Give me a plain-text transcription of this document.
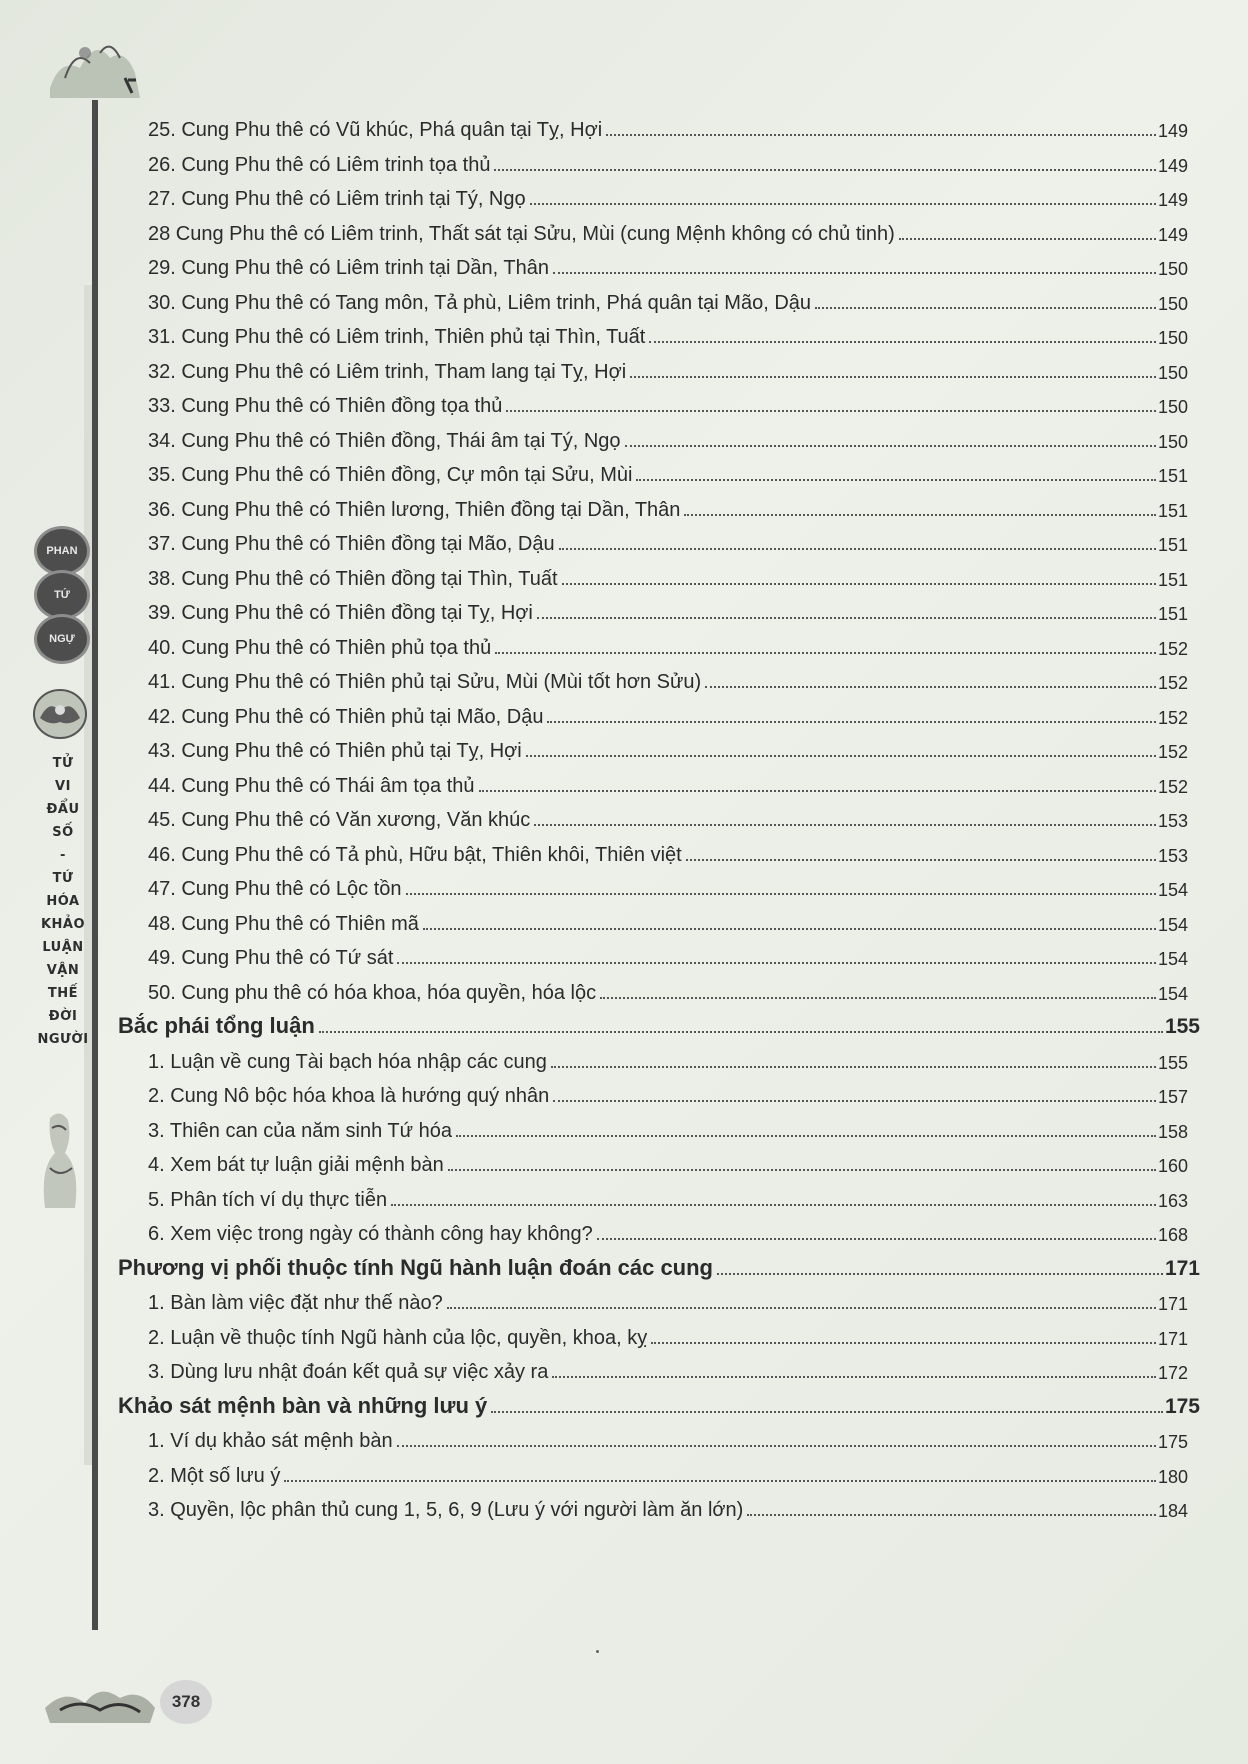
PHAN
TỨ
NGỰ
TỬ
VI
ĐẨU
SỐ
-
TỨ
HÓA
KHẢO
LUẬN
VẬN
THẾ
ĐỜI
NGƯỜI
378
25. Cung Phu thê có Vũ khúc, Phá quân tại Tỵ, Hợi	149
26. Cung Phu thê có Liêm trinh tọa thủ	149
27. Cung Phu thê có Liêm trinh tại Tý, Ngọ	149
28 Cung Phu thê có Liêm trinh, Thất sát tại Sửu, Mùi (cung Mệnh không có chủ tinh)	149
29. Cung Phu thê có Liêm trinh tại Dần, Thân	150
30. Cung Phu thê có Tang môn, Tả phù, Liêm trinh, Phá quân tại Mão, Dậu	150
31. Cung Phu thê có Liêm trinh, Thiên phủ tại Thìn, Tuất	150
32. Cung Phu thê có Liêm trinh, Tham lang tại Tỵ, Hợi	150
33. Cung Phu thê có Thiên đồng tọa thủ	150
34. Cung Phu thê có Thiên đồng, Thái âm tại Tý, Ngọ	150
35. Cung Phu thê có Thiên đồng, Cự môn tại Sửu, Mùi	151
36. Cung Phu thê có Thiên lương, Thiên đồng tại Dần, Thân	151
37. Cung Phu thê có Thiên đồng tại Mão, Dậu	151
38. Cung Phu thê có Thiên đồng tại Thìn, Tuất	151
39. Cung Phu thê có Thiên đồng tại Tỵ, Hợi	151
40. Cung Phu thê có Thiên phủ tọa thủ	152
41. Cung Phu thê có Thiên phủ tại Sửu, Mùi (Mùi tốt hơn Sửu)	152
42. Cung Phu thê có Thiên phủ tại Mão, Dậu	152
43. Cung Phu thê có Thiên phủ tại Tỵ, Hợi	152
44. Cung Phu thê có Thái âm tọa thủ	152
45. Cung Phu thê có Văn xương, Văn khúc	153
46. Cung Phu thê có Tả phù, Hữu bật, Thiên khôi, Thiên việt	153
47. Cung Phu thê có Lộc tồn	154
48. Cung Phu thê có Thiên mã	154
49. Cung Phu thê có Tứ sát	154
50. Cung phu thê có hóa khoa, hóa quyền, hóa lộc	154
Bắc phái tổng luận	155
1. Luận về cung Tài bạch hóa nhập các cung	155
2. Cung Nô bộc hóa khoa là hướng quý nhân	157
3. Thiên can của năm sinh Tứ hóa	158
4. Xem bát tự luận giải mệnh bàn	160
5. Phân tích ví dụ thực tiễn	163
6. Xem việc trong ngày có thành công hay không?	168
Phương vị phối thuộc tính Ngũ hành luận đoán các cung	171
1. Bàn làm việc đặt như thế nào?	171
2. Luận về thuộc tính Ngũ hành của lộc, quyền, khoa, kỵ	171
3. Dùng lưu nhật đoán kết quả sự việc xảy ra	172
Khảo sát mệnh bàn và những lưu ý	175
1. Ví dụ khảo sát mệnh bàn	175
2. Một số lưu ý	180
3. Quyền, lộc phân thủ cung 1, 5, 6, 9 (Lưu ý với người làm ăn lớn)	184
